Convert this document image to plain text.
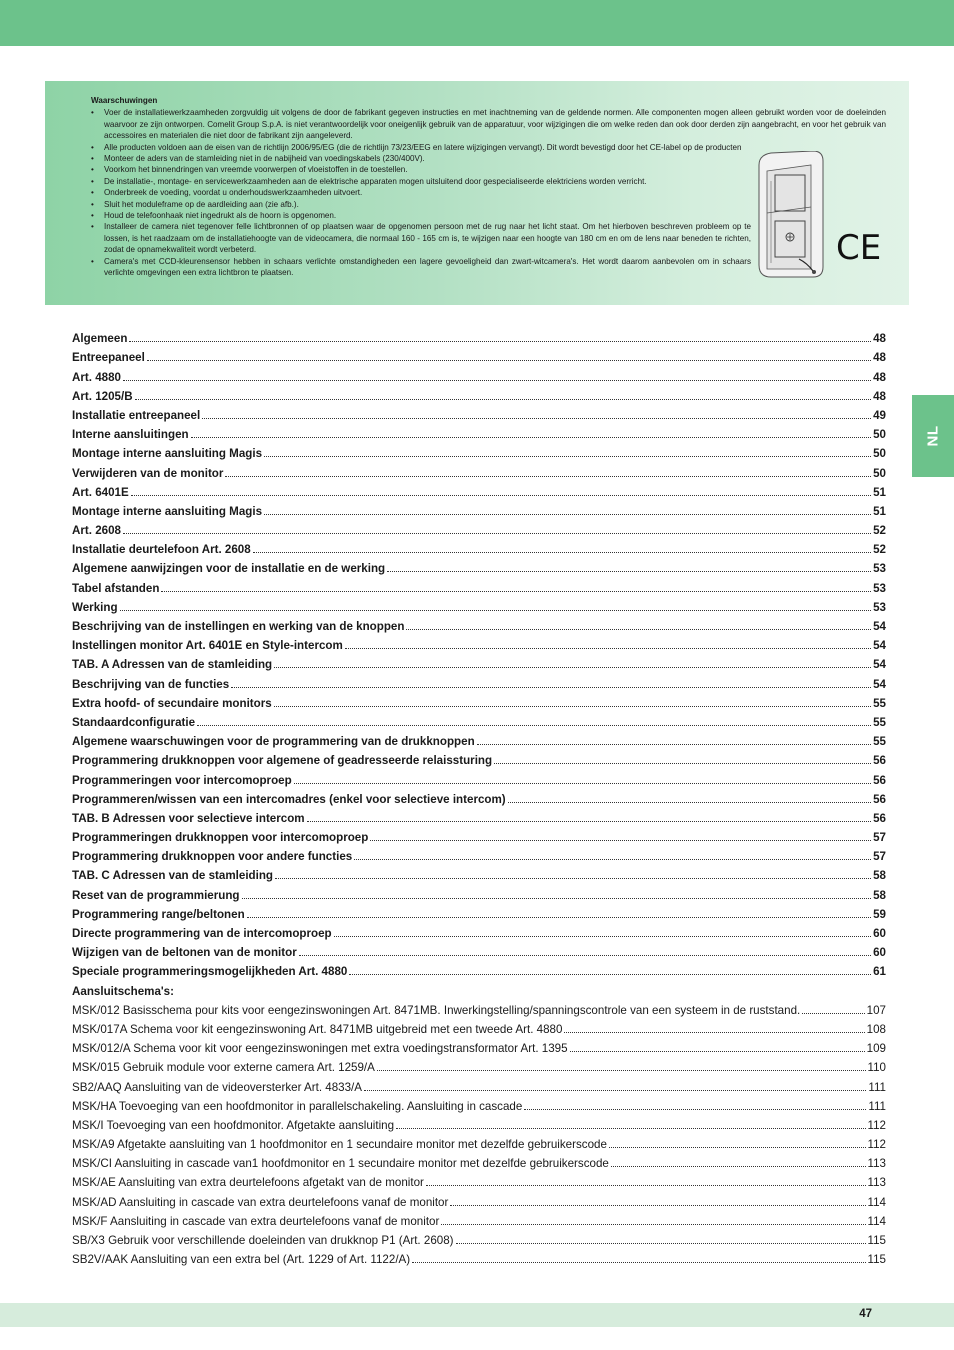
Waarschuwingen
• Voer de installatiewerkzaamheden zorgvuldig uit volgens de door de fabrikant gegeven instructies en met inachtneming van de geldende normen. Alle componenten mogen alleen gebruikt worden voor de doeleinden waarvoor ze zijn ontworpen. Comelit Group S.p.A. is niet verantwoordelijk voor oneigenlijk gebruik van de apparatuur, voor wijzigingen die om welke reden dan ook door derden zijn aangebracht, en voor het gebruik van accessoires en materialen die niet door de fabrikant zijn aangeleverd.
• Alle producten voldoen aan de eisen van de richtlijn 2006/95/EG (die de richtlijn 73/23/EEG en latere wijzigingen vervangt). Dit wordt bevestigd door het CE-label op de producten
• Monteer de aders van de stamleiding niet in de nabijheid van voedingskabels (230/400V).
• Voorkom het binnendringen van vreemde voorwerpen of vloeistoffen in de toestellen.
• De installatie-, montage- en servicewerkzaamheden aan de elektrische apparaten mogen uitsluitend door gespecialiseerde elektriciens worden verricht.
• Onderbreek de voeding, voordat u onderhoudswerkzaamheden uitvoert.
• Sluit het moduleframe op de aardleiding aan (zie afb.).
• Houd de telefoonhaak niet ingedrukt als de hoorn is opgenomen.
• Installeer de camera niet tegenover felle lichtbronnen of op plaatsen waar de opgenomen persoon met de rug naar het licht staat. Om het hierboven beschreven probleem op te lossen, is het raadzaam om de installatiehoogte van de videocamera, die normaal 160 - 165 cm is, te wijzigen naar een hoogte van 180 cm en om de lens naar beneden te richten, zodat de opnamekwaliteit wordt verbeterd.
• Camera's met CCD-kleurensensor hebben in schaars verlichte omstandigheden een lagere gevoeligheid dan zwart-witcamera's. Het wordt daarom aanbevolen om in schaars verlichte omgevingen een extra lichtbron te plaatsen.
CE
NL
Algemeen	48
Entreepaneel	48
Art. 4880	48
Art. 1205/B	48
Installatie entreepaneel	49
Interne aansluitingen	50
Montage interne aansluiting Magis	50
Verwijderen van de monitor	50
Art. 6401E	51
Montage interne aansluiting Magis	51
Art. 2608	52
Installatie deurtelefoon Art. 2608	52
Algemene aanwijzingen voor de installatie en de werking	53
Tabel afstanden	53
Werking	53
Beschrijving van de instellingen en werking van de knoppen	54
Instellingen monitor Art. 6401E en Style-intercom	54
TAB. A Adressen van de stamleiding	54
Beschrijving van de functies	54
Extra hoofd- of secundaire monitors	55
Standaardconfiguratie	55
Algemene waarschuwingen voor de programmering van de drukknoppen	55
Programmering drukknoppen voor algemene of geadresseerde relaissturing	56
Programmeringen voor intercomoproep	56
Programmeren/wissen van een intercomadres (enkel voor selectieve intercom)	56
TAB. B Adressen voor selectieve intercom	56
Programmeringen drukknoppen voor intercomoproep	57
Programmering drukknoppen voor andere functies	57
TAB. C Adressen van de stamleiding	58
Reset van de programmierung	58
Programmering range/beltonen	59
Directe programmering van de intercomoproep	60
Wijzigen van de beltonen van de monitor	60
Speciale programmeringsmogelijkheden Art. 4880	61
Aansluitschema's:
MSK/012 Basisschema pour kits voor eengezinswoningen Art. 8471MB. Inwerkingstelling/spanningscontrole van een systeem in de ruststand.	107
MSK/017A Schema voor kit eengezinswoning Art. 8471MB uitgebreid met een tweede Art. 4880	108
MSK/012/A Schema voor kit voor eengezinswoningen met extra voedingstransformator Art. 1395	109
MSK/015 Gebruik module voor externe camera Art. 1259/A	110
SB2/AAQ Aansluiting van de videoversterker Art. 4833/A	111
MSK/HA Toevoeging van een hoofdmonitor in parallelschakeling. Aansluiting in cascade	111
MSK/I Toevoeging van een hoofdmonitor. Afgetakte aansluiting	112
MSK/A9 Afgetakte aansluiting van 1 hoofdmonitor en 1 secundaire monitor met dezelfde gebruikerscode	112
MSK/CI Aansluiting in cascade van1 hoofdmonitor en 1 secundaire monitor met dezelfde gebruikerscode	113
MSK/AE Aansluiting van extra deurtelefoons afgetakt van de monitor	113
MSK/AD Aansluiting in cascade van extra deurtelefoons vanaf de monitor	114
MSK/F Aansluiting in cascade van extra deurtelefoons vanaf de monitor	114
SB/X3 Gebruik voor verschillende doeleinden van drukknop P1 (Art. 2608)	115
SB2V/AAK Aansluiting van een extra bel (Art. 1229 of Art. 1122/A)	115
47
